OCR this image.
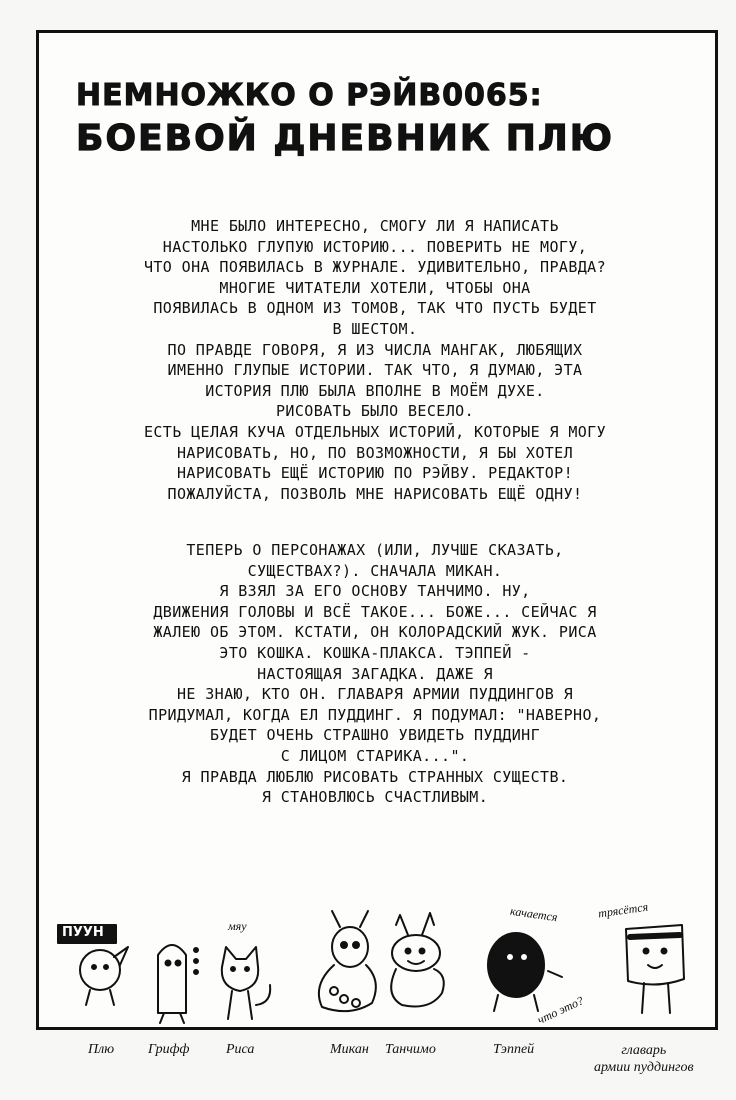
НЕМНОЖКО О РЭЙВ0065:
БОЕВОЙ ДНЕВНИК ПЛЮ
МНЕ БЫЛО ИНТЕРЕСНО, СМОГУ ЛИ Я НАПИСАТЬ
НАСТОЛЬКО ГЛУПУЮ ИСТОРИЮ... ПОВЕРИТЬ НЕ МОГУ,
ЧТО ОНА ПОЯВИЛАСЬ В ЖУРНАЛЕ. УДИВИТЕЛЬНО, ПРАВДА?
МНОГИЕ ЧИТАТЕЛИ ХОТЕЛИ, ЧТОБЫ ОНА
ПОЯВИЛАСЬ В ОДНОМ ИЗ ТОМОВ, ТАК ЧТО ПУСТЬ БУДЕТ
В ШЕСТОМ.
ПО ПРАВДЕ ГОВОРЯ, Я ИЗ ЧИСЛА МАНГАК, ЛЮБЯЩИХ
ИМЕННО ГЛУПЫЕ ИСТОРИИ. ТАК ЧТО, Я ДУМАЮ, ЭТА
ИСТОРИЯ ПЛЮ БЫЛА ВПОЛНЕ В МОЁМ ДУХЕ.
РИСОВАТЬ БЫЛО ВЕСЕЛО.
ЕСТЬ ЦЕЛАЯ КУЧА ОТДЕЛЬНЫХ ИСТОРИЙ, КОТОРЫЕ Я МОГУ
НАРИСОВАТЬ, НО, ПО ВОЗМОЖНОСТИ, Я БЫ ХОТЕЛ
НАРИСОВАТЬ ЕЩЁ ИСТОРИЮ ПО РЭЙВУ. РЕДАКТОР!
ПОЖАЛУЙСТА, ПОЗВОЛЬ МНЕ НАРИСОВАТЬ ЕЩЁ ОДНУ!
ТЕПЕРЬ О ПЕРСОНАЖАХ (ИЛИ, ЛУЧШЕ СКАЗАТЬ,
СУЩЕСТВАХ?). СНАЧАЛА МИКАН.
Я ВЗЯЛ ЗА ЕГО ОСНОВУ ТАНЧИМО. НУ,
ДВИЖЕНИЯ ГОЛОВЫ И ВСЁ ТАКОЕ... БОЖЕ... СЕЙЧАС Я
ЖАЛЕЮ ОБ ЭТОМ. КСТАТИ, ОН КОЛОРАДСКИЙ ЖУК. РИСА
ЭТО КОШКА. КОШКА-ПЛАКСА. ТЭППЕЙ -
НАСТОЯЩАЯ ЗАГАДКА. ДАЖЕ Я
НЕ ЗНАЮ, КТО ОН. ГЛАВАРЯ АРМИИ ПУДДИНГОВ Я
ПРИДУМАЛ, КОГДА ЕЛ ПУДДИНГ. Я ПОДУМАЛ: "НАВЕРНО,
БУДЕТ ОЧЕНЬ СТРАШНО УВИДЕТЬ ПУДДИНГ
С ЛИЦОМ СТАРИКА...".
Я ПРАВДА ЛЮБЛЮ РИСОВАТЬ СТРАННЫХ СУЩЕСТВ.
Я СТАНОВЛЮСЬ СЧАСТЛИВЫМ.
ПУУН	мяу
качается	трясётся
что это?
Плю Грифф	Риса	Микан Танчимо	Тэппей	главарь
армии пуддингов
